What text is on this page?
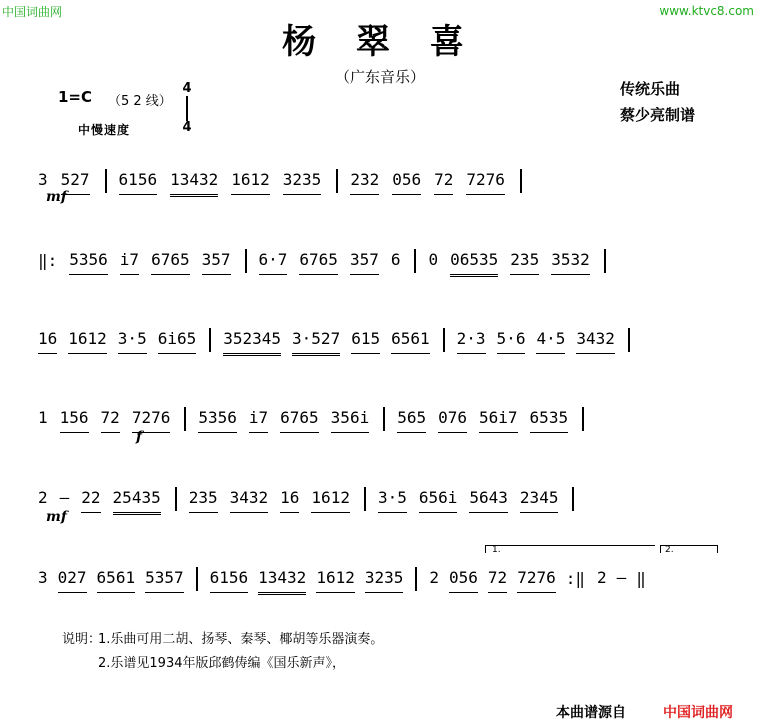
中国词曲网	www.ktvc8.com
杨 翠 喜
（广东音乐）
传统乐曲
蔡少亮制谱
1=C （5 2 线）
4
4
中慢速度
3 527 6156 13432 1612 3235 232 056 72 7276
mf
‖: 5356 i7 6765 357 6·7 6765 357 6 0 06535 235 3532
16 1612 3·5 6i65 352345 3·527 615 6561 2·3 5·6 4·5 3432
1 156 72 7276 5356 i7 6765 356i 565 076 56i7 6535
f
2 — 22 25435 235 3432 16 1612 3·5 656i 5643 2345
mf
3 027 6561 5357 6156 13432 1612 3235 2 056 72 7276 :‖ 2 — ‖
1.	2.
说明：
1.乐曲可用二胡、扬琴、秦琴、椰胡等乐器演奏。
2.乐谱见1934年版邱鹤俦编《国乐新声》，
本曲谱源自	中国词曲网
